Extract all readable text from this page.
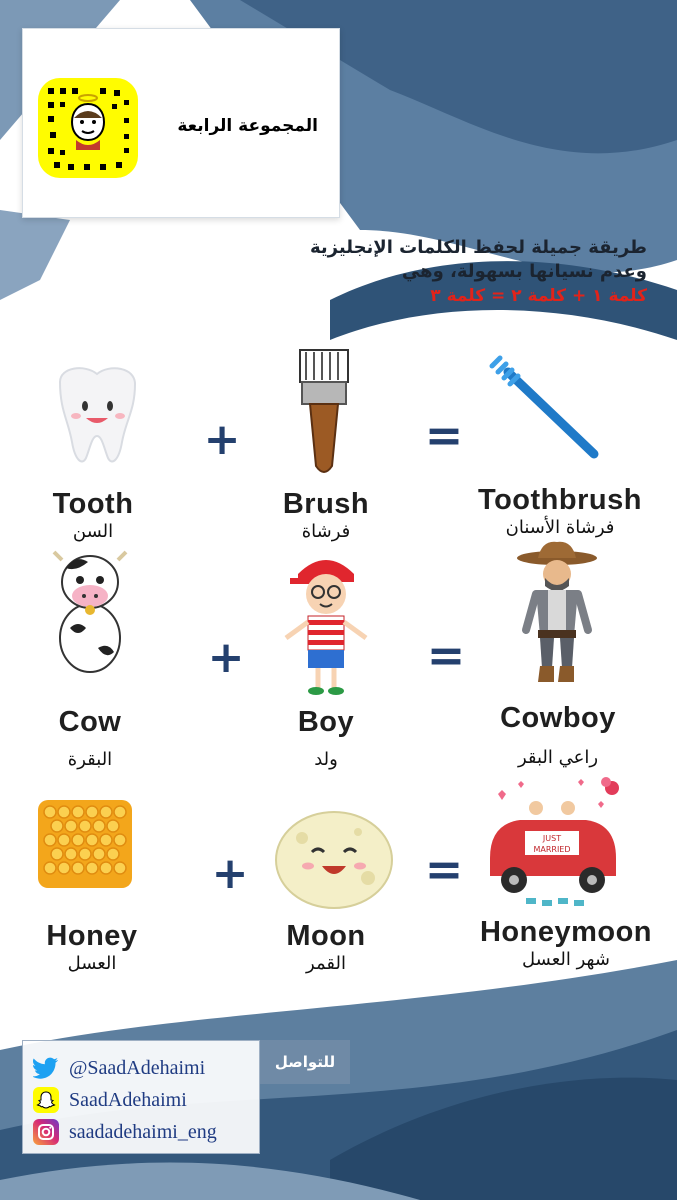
المجموعة الرابعة
طريقة جميلة لحفظ الكلمات الإنجليزية
وعدم نسيانها بسهولة، وهي
كلمة ١ + كلمة ٢ = كلمة ٣
JUST
MARRIED
+	=
+	=
+	=
Tooth
السن
Brush
فرشاة
Toothbrush
فرشاة الأسنان
Cow
البقرة
Boy
ولد
Cowboy
راعي البقر
Honey
العسل
Moon
القمر
Honeymoon
شهر العسل
@SaadAdehaimi
SaadAdehaimi
saadadehaimi_eng
للتواصل
